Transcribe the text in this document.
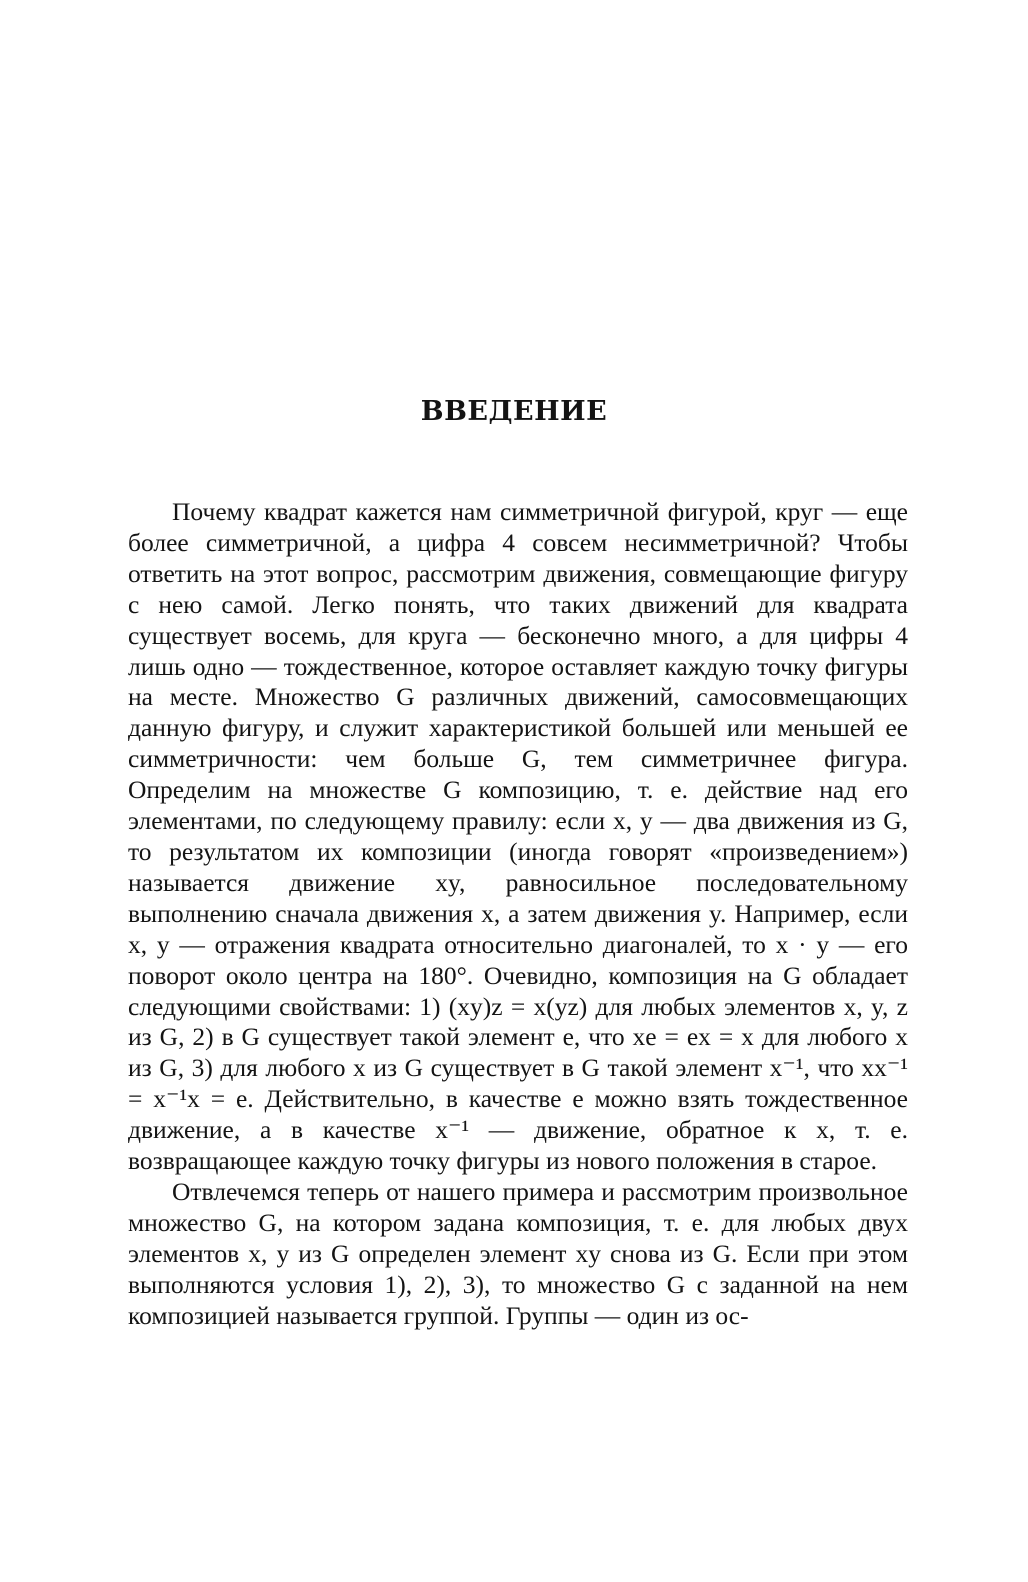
ВВЕДЕНИЕ

Почему квадрат кажется нам симметричной фигурой, круг — еще более симметричной, а цифра 4 совсем несимметричной? Чтобы ответить на этот вопрос, рассмотрим движения, совмещающие фигуру с нею самой. Легко понять, что таких движений для квадрата существует восемь, для круга — бесконечно много, а для цифры 4 лишь одно — тождественное, которое оставляет каждую точку фигуры на месте. Множество G различных движений, самосовмещающих данную фигуру, и служит характеристикой большей или меньшей ее симметричности: чем больше G, тем симметричнее фигура. Определим на множестве G композицию, т. е. действие над его элементами, по следующему правилу: если x, y — два движения из G, то результатом их композиции (иногда говорят «произведением») называется движение xy, равносильное последовательному выполнению сначала движения x, а затем движения y. Например, если x, y — отражения квадрата относительно диагоналей, то x · y — его поворот около центра на 180°. Очевидно, композиция на G обладает следующими свойствами: 1) (xy)z = x(yz) для любых элементов x, y, z из G, 2) в G существует такой элемент e, что xe = ex = x для любого x из G, 3) для любого x из G существует в G такой элемент x⁻¹, что xx⁻¹ = x⁻¹x = e. Действительно, в качестве e можно взять тождественное движение, а в качестве x⁻¹ — движение, обратное к x, т. е. возвращающее каждую точку фигуры из нового положения в старое.

Отвлечемся теперь от нашего примера и рассмотрим произвольное множество G, на котором задана композиция, т. е. для любых двух элементов x, y из G определен элемент xy снова из G. Если при этом выполняются условия 1), 2), 3), то множество G с заданной на нем композицией называется группой. Группы — один из ос-
